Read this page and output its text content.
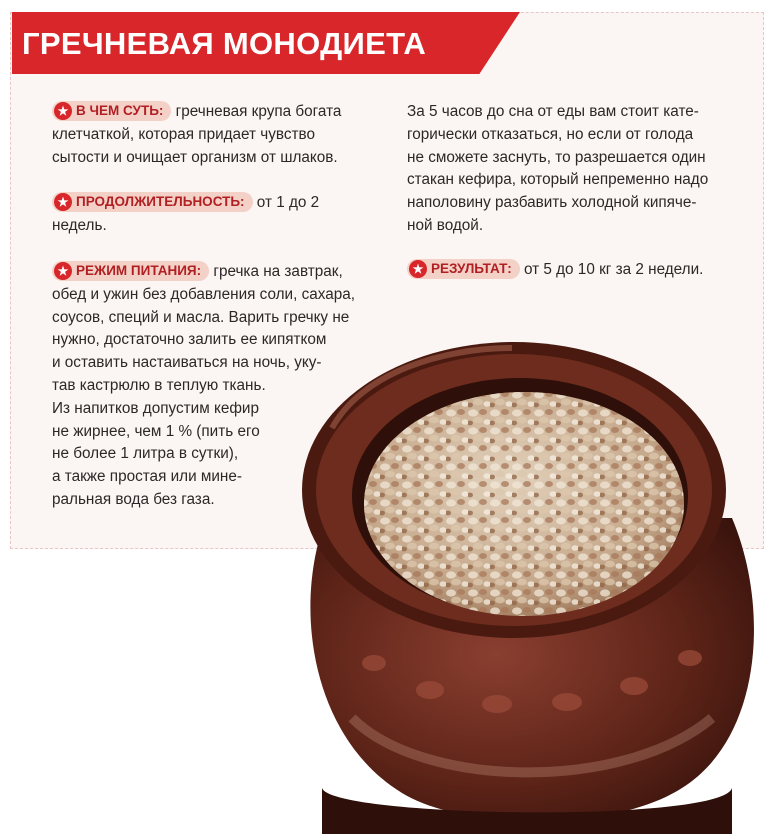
ГРЕЧНЕВАЯ МОНОДИЕТА
★ В ЧЕМ СУТЬ: гречневая крупа богата
клетчаткой, которая придает чувство
сытости и очищает организм от шлаков.
★ ПРОДОЛЖИТЕЛЬНОСТЬ: от 1 до 2
недель.
★ РЕЖИМ ПИТАНИЯ: гречка на завтрак,
обед и ужин без добавления соли, сахара,
соусов, специй и масла. Варить гречку не
нужно, достаточно залить ее кипятком
и оставить настаиваться на ночь, уку-
тав кастрюлю в теплую ткань.
Из напитков допустим кефир
не жирнее, чем 1 % (пить его
не более 1 литра в сутки),
а также простая или мине-
ральная вода без газа.
За 5 часов до сна от еды вам стоит кате-
горически отказаться, но если от голода
не сможете заснуть, то разрешается один
стакан кефира, который непременно надо
наполовину разбавить холодной кипяче-
ной водой.
★ РЕЗУЛЬТАТ: от 5 до 10 кг за 2 недели.
